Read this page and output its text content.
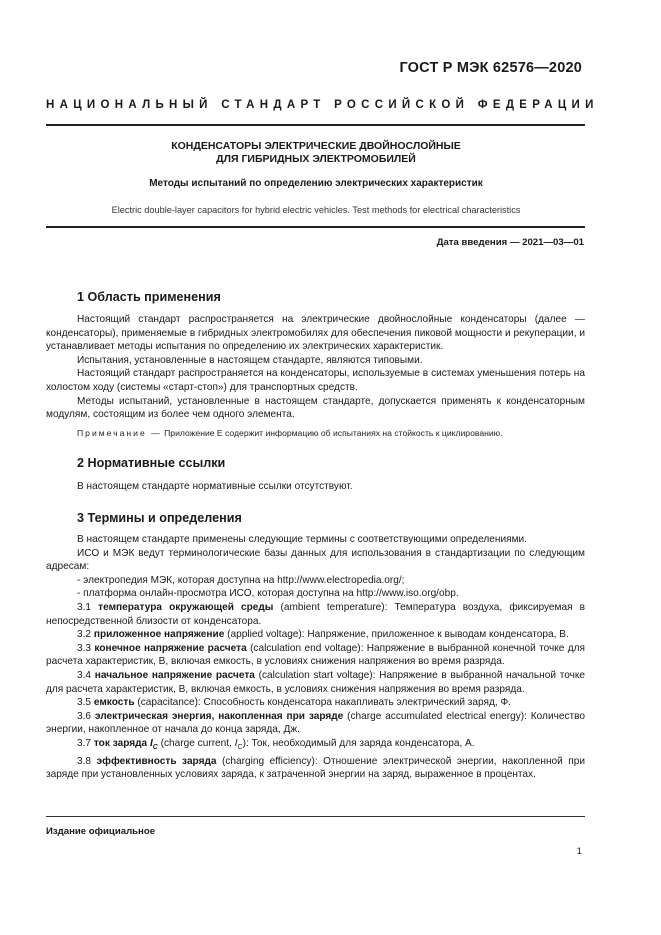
ГОСТ Р МЭК 62576—2020
НАЦИОНАЛЬНЫЙ СТАНДАРТ РОССИЙСКОЙ ФЕДЕРАЦИИ
КОНДЕНСАТОРЫ ЭЛЕКТРИЧЕСКИЕ ДВОЙНОСЛОЙНЫЕ
ДЛЯ ГИБРИДНЫХ ЭЛЕКТРОМОБИЛЕЙ
Методы испытаний по определению электрических характеристик
Electric double-layer capacitors for hybrid electric vehicles. Test methods for electrical characteristics
Дата введения — 2021—03—01
1 Область применения

Настоящий стандарт распространяется на электрические двойнослойные конденсаторы (далее — конденсаторы), применяемые в гибридных электромобилях для обеспечения пиковой мощности и рекуперации, и устанавливает методы испытания по определению их электрических характеристик.

Испытания, установленные в настоящем стандарте, являются типовыми.

Настоящий стандарт распространяется на конденсаторы, используемые в системах уменьшения потерь на холостом ходу (системы «старт-стоп») для транспортных средств.

Методы испытаний, установленные в настоящем стандарте, допускается применять к конденсаторным модулям, состоящим из более чем одного элемента.

Примечание — Приложение Е содержит информацию об испытаниях на стойкость к циклированию.
2 Нормативные ссылки

В настоящем стандарте нормативные ссылки отсутствуют.

3 Термины и определения

В настоящем стандарте применены следующие термины с соответствующими определениями.

ИСО и МЭК ведут терминологические базы данных для использования в стандартизации по следующим адресам:

- электропедия МЭК, которая доступна на http://www.electropedia.org/;

- платформа онлайн-просмотра ИСО, которая доступна на http://www.iso.org/obp.

3.1 температура окружающей среды (ambient temperature): Температура воздуха, фиксируемая в непосредственной близости от конденсатора.

3.2 приложенное напряжение (applied voltage): Напряжение, приложенное к выводам конденсатора, В.

3.3 конечное напряжение расчета (calculation end voltage): Напряжение в выбранной конечной точке для расчета характеристик, В, включая емкость, в условиях снижения напряжения во время разряда.

3.4 начальное напряжение расчета (calculation start voltage): Напряжение в выбранной начальной точке для расчета характеристик, В, включая емкость, в условиях снижения напряжения во время разряда.

3.5 емкость (capacitance): Способность конденсатора накапливать электрический заряд, Ф.

3.6 электрическая энергия, накопленная при заряде (charge accumulated electrical energy): Количество энергии, накопленное от начала до конца заряда, Дж.

3.7 ток заряда $I_C$ (charge current, $I_C$): Ток, необходимый для заряда конденсатора, А.

3.8 эффективность заряда (charging efficiency): Отношение электрической энергии, накопленной при заряде при установленных условиях заряда, к затраченной энергии на заряд, выраженное в процентах.

Издание официальное
1
